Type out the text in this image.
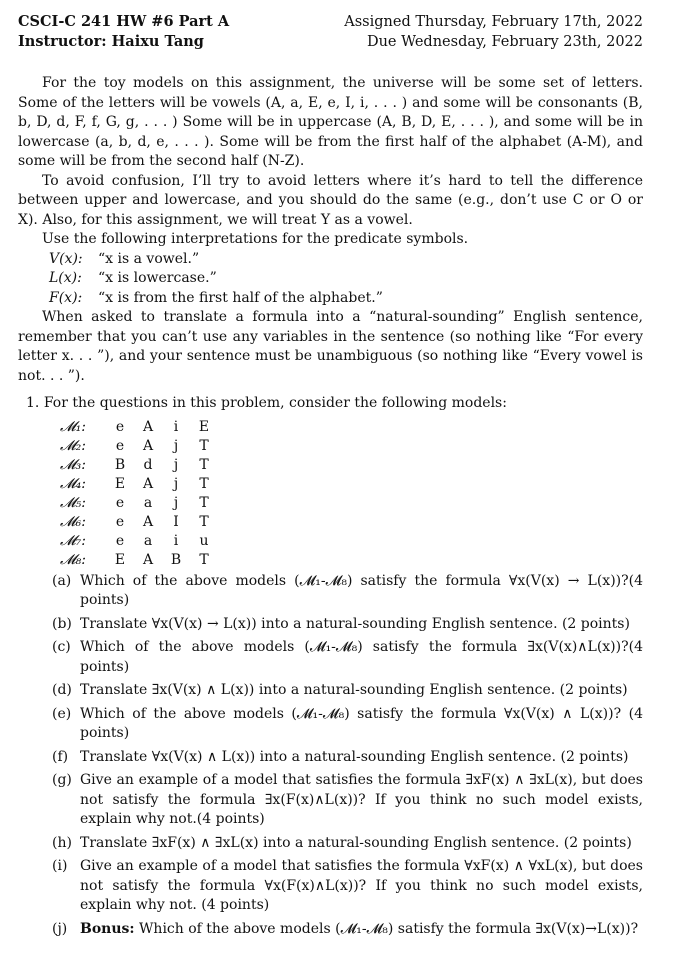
CSCI-C 241 HW #6 Part A
Instructor: Haixu Tang
Assigned Thursday, February 17th, 2022
Due Wednesday, February 23th, 2022

For the toy models on this assignment, the universe will be some set of letters. Some of the letters will be vowels (A, a, E, e, I, i, . . . ) and some will be consonants (B, b, D, d, F, f, G, g, . . . ) Some will be in uppercase (A, B, D, E, . . . ), and some will be in lowercase (a, b, d, e, . . . ). Some will be from the first half of the alphabet (A-M), and some will be from the second half (N-Z).

To avoid confusion, I’ll try to avoid letters where it’s hard to tell the difference between upper and lowercase, and you should do the same (e.g., don’t use C or O or X). Also, for this assignment, we will treat Y as a vowel.

Use the following interpretations for the predicate symbols.

V(x):	“x is a vowel.”
L(x):	“x is lowercase.”
F(x):	“x is from the first half of the alphabet.”

When asked to translate a formula into a “natural-sounding” English sentence, remember that you can’t use any variables in the sentence (so nothing like “For every letter x. . . ”), and your sentence must be unambiguous (so nothing like “Every vowel is not. . . ”).

1. For the questions in this problem, consider the following models:
𝓜₁:	e	A	i	E
𝓜₂:	e	A	j	T
𝓜₃:	B	d	j	T
𝓜₄:	E	A	j	T
𝓜₅:	e	a	j	T
𝓜₆:	e	A	I	T
𝓜₇:	e	a	i	u
𝓜₈:	E	A	B	T
(a) Which of the above models (𝓜₁-𝓜₈) satisfy the formula ∀x(V(x) → L(x))?(4 points)
(b) Translate ∀x(V(x) → L(x)) into a natural-sounding English sentence. (2 points)
(c) Which of the above models (𝓜₁-𝓜₈) satisfy the formula ∃x(V(x)∧L(x))?(4 points)
(d) Translate ∃x(V(x) ∧ L(x)) into a natural-sounding English sentence. (2 points)
(e) Which of the above models (𝓜₁-𝓜₈) satisfy the formula ∀x(V(x) ∧ L(x))? (4 points)
(f) Translate ∀x(V(x) ∧ L(x)) into a natural-sounding English sentence. (2 points)
(g) Give an example of a model that satisfies the formula ∃xF(x) ∧ ∃xL(x), but does not satisfy the formula ∃x(F(x)∧L(x))? If you think no such model exists, explain why not.(4 points)
(h) Translate ∃xF(x) ∧ ∃xL(x) into a natural-sounding English sentence. (2 points)
(i) Give an example of a model that satisfies the formula ∀xF(x) ∧ ∀xL(x), but does not satisfy the formula ∀x(F(x)∧L(x))? If you think no such model exists, explain why not. (4 points)
(j) Bonus: Which of the above models (𝓜₁-𝓜₈) satisfy the formula ∃x(V(x)→L(x))?
